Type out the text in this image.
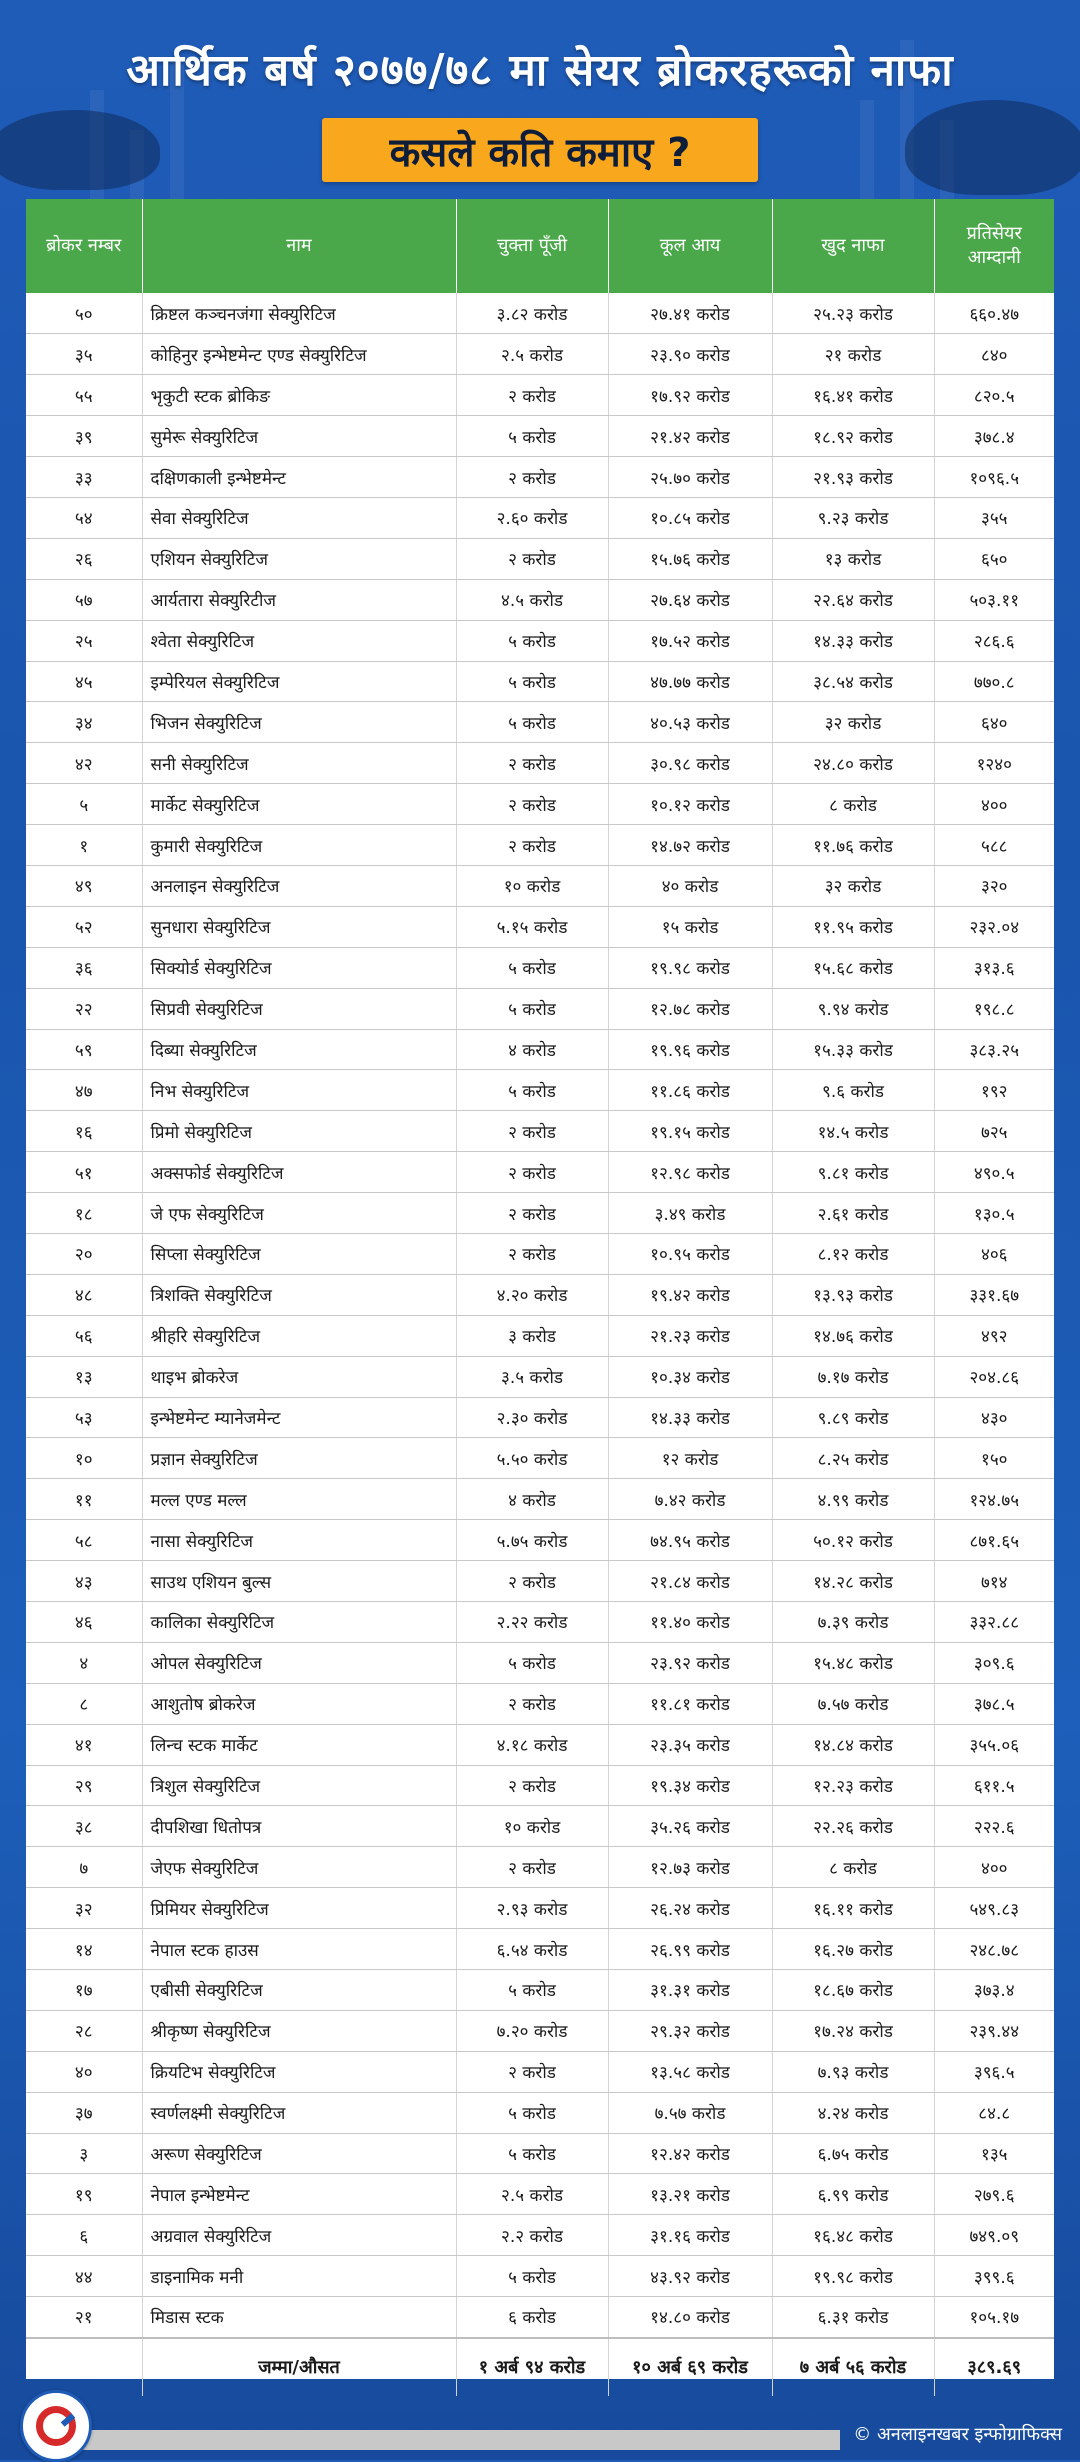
आर्थिक बर्ष २०७७/७८ मा सेयर ब्रोकरहरूको नाफा
कसले कति कमाए ?
ब्रोकर नम्बर	नाम	चुक्ता पूँजी	कूल आय	खुद नाफा	प्रतिसेयर आम्दानी
५०	क्रिष्टल कञ्चनजंगा सेक्युरिटिज	३.८२ करोड	२७.४१ करोड	२५.२३ करोड	६६०.४७
३५	कोहिनुर इन्भेष्टमेन्ट एण्ड सेक्युरिटिज	२.५ करोड	२३.९० करोड	२१ करोड	८४०
५५	भृकुटी स्टक ब्रोकिङ	२ करोड	१७.९२ करोड	१६.४१ करोड	८२०.५
३९	सुमेरू सेक्युरिटिज	५ करोड	२१.४२ करोड	१८.९२ करोड	३७८.४
३३	दक्षिणकाली इन्भेष्टमेन्ट	२ करोड	२५.७० करोड	२१.९३ करोड	१०९६.५
५४	सेवा सेक्युरिटिज	२.६० करोड	१०.८५ करोड	९.२३ करोड	३५५
२६	एशियन सेक्युरिटिज	२ करोड	१५.७६ करोड	१३ करोड	६५०
५७	आर्यतारा सेक्युरिटीज	४.५ करोड	२७.६४ करोड	२२.६४ करोड	५०३.११
२५	श्वेता सेक्युरिटिज	५ करोड	१७.५२ करोड	१४.३३ करोड	२८६.६
४५	इम्पेरियल सेक्युरिटिज	५ करोड	४७.७७ करोड	३८.५४ करोड	७७०.८
३४	भिजन सेक्युरिटिज	५ करोड	४०.५३ करोड	३२ करोड	६४०
४२	सनी सेक्युरिटिज	२ करोड	३०.९८ करोड	२४.८० करोड	१२४०
५	मार्केट सेक्युरिटिज	२ करोड	१०.१२ करोड	८ करोड	४००
१	कुमारी सेक्युरिटिज	२ करोड	१४.७२ करोड	११.७६ करोड	५८८
४९	अनलाइन सेक्युरिटिज	१० करोड	४० करोड	३२ करोड	३२०
५२	सुनधारा सेक्युरिटिज	५.१५ करोड	१५ करोड	११.९५ करोड	२३२.०४
३६	सिक्योर्ड सेक्युरिटिज	५ करोड	१९.९८ करोड	१५.६८ करोड	३१३.६
२२	सिप्रवी सेक्युरिटिज	५ करोड	१२.७८ करोड	९.९४ करोड	१९८.८
५९	दिब्या सेक्युरिटिज	४ करोड	१९.९६ करोड	१५.३३ करोड	३८३.२५
४७	निभ सेक्युरिटिज	५ करोड	११.८६ करोड	९.६ करोड	१९२
१६	प्रिमो सेक्युरिटिज	२ करोड	१९.१५ करोड	१४.५ करोड	७२५
५१	अक्सफोर्ड सेक्युरिटिज	२ करोड	१२.९८ करोड	९.८१ करोड	४९०.५
१८	जे एफ सेक्युरिटिज	२ करोड	३.४९ करोड	२.६१ करोड	१३०.५
२०	सिप्ला सेक्युरिटिज	२ करोड	१०.९५ करोड	८.१२ करोड	४०६
४८	त्रिशक्ति सेक्युरिटिज	४.२० करोड	१९.४२ करोड	१३.९३ करोड	३३१.६७
५६	श्रीहरि सेक्युरिटिज	३ करोड	२१.२३ करोड	१४.७६ करोड	४९२
१३	थाइभ ब्रोकरेज	३.५ करोड	१०.३४ करोड	७.१७ करोड	२०४.८६
५३	इन्भेष्टमेन्ट म्यानेजमेन्ट	२.३० करोड	१४.३३ करोड	९.८९ करोड	४३०
१०	प्रज्ञान सेक्युरिटिज	५.५० करोड	१२ करोड	८.२५ करोड	१५०
११	मल्ल एण्ड मल्ल	४ करोड	७.४२ करोड	४.९९ करोड	१२४.७५
५८	नासा सेक्युरिटिज	५.७५ करोड	७४.९५ करोड	५०.१२ करोड	८७१.६५
४३	साउथ एशियन बुल्स	२ करोड	२१.८४ करोड	१४.२८ करोड	७१४
४६	कालिका सेक्युरिटिज	२.२२ करोड	११.४० करोड	७.३९ करोड	३३२.८८
४	ओपल सेक्युरिटिज	५ करोड	२३.९२ करोड	१५.४८ करोड	३०९.६
८	आशुतोष ब्रोकरेज	२ करोड	११.८१ करोड	७.५७ करोड	३७८.५
४१	लिन्च स्टक मार्केट	४.१८ करोड	२३.३५ करोड	१४.८४ करोड	३५५.०६
२९	त्रिशुल सेक्युरिटिज	२ करोड	१९.३४ करोड	१२.२३ करोड	६११.५
३८	दीपशिखा धितोपत्र	१० करोड	३५.२६ करोड	२२.२६ करोड	२२२.६
७	जेएफ सेक्युरिटिज	२ करोड	१२.७३ करोड	८ करोड	४००
३२	प्रिमियर सेक्युरिटिज	२.९३ करोड	२६.२४ करोड	१६.११ करोड	५४९.८३
१४	नेपाल स्टक हाउस	६.५४ करोड	२६.९९ करोड	१६.२७ करोड	२४८.७८
१७	एबीसी सेक्युरिटिज	५ करोड	३१.३१ करोड	१८.६७ करोड	३७३.४
२८	श्रीकृष्ण सेक्युरिटिज	७.२० करोड	२९.३२ करोड	१७.२४ करोड	२३९.४४
४०	क्रियटिभ सेक्युरिटिज	२ करोड	१३.५८ करोड	७.९३ करोड	३९६.५
३७	स्वर्णलक्ष्मी सेक्युरिटिज	५ करोड	७.५७ करोड	४.२४ करोड	८४.८
३	अरूण सेक्युरिटिज	५ करोड	१२.४२ करोड	६.७५ करोड	१३५
१९	नेपाल इन्भेष्टमेन्ट	२.५ करोड	१३.२१ करोड	६.९९ करोड	२७९.६
६	अग्रवाल सेक्युरिटिज	२.२ करोड	३१.१६ करोड	१६.४८ करोड	७४९.०९
४४	डाइनामिक मनी	५ करोड	४३.९२ करोड	१९.९८ करोड	३९९.६
२१	मिडास स्टक	६ करोड	१४.८० करोड	६.३१ करोड	१०५.१७
	जम्मा/औसत	१ अर्ब ९४ करोड	१० अर्ब ६९ करोड	७ अर्ब ५६ करोड	३८९.६९
© अनलाइनखबर इन्फोग्राफिक्स
